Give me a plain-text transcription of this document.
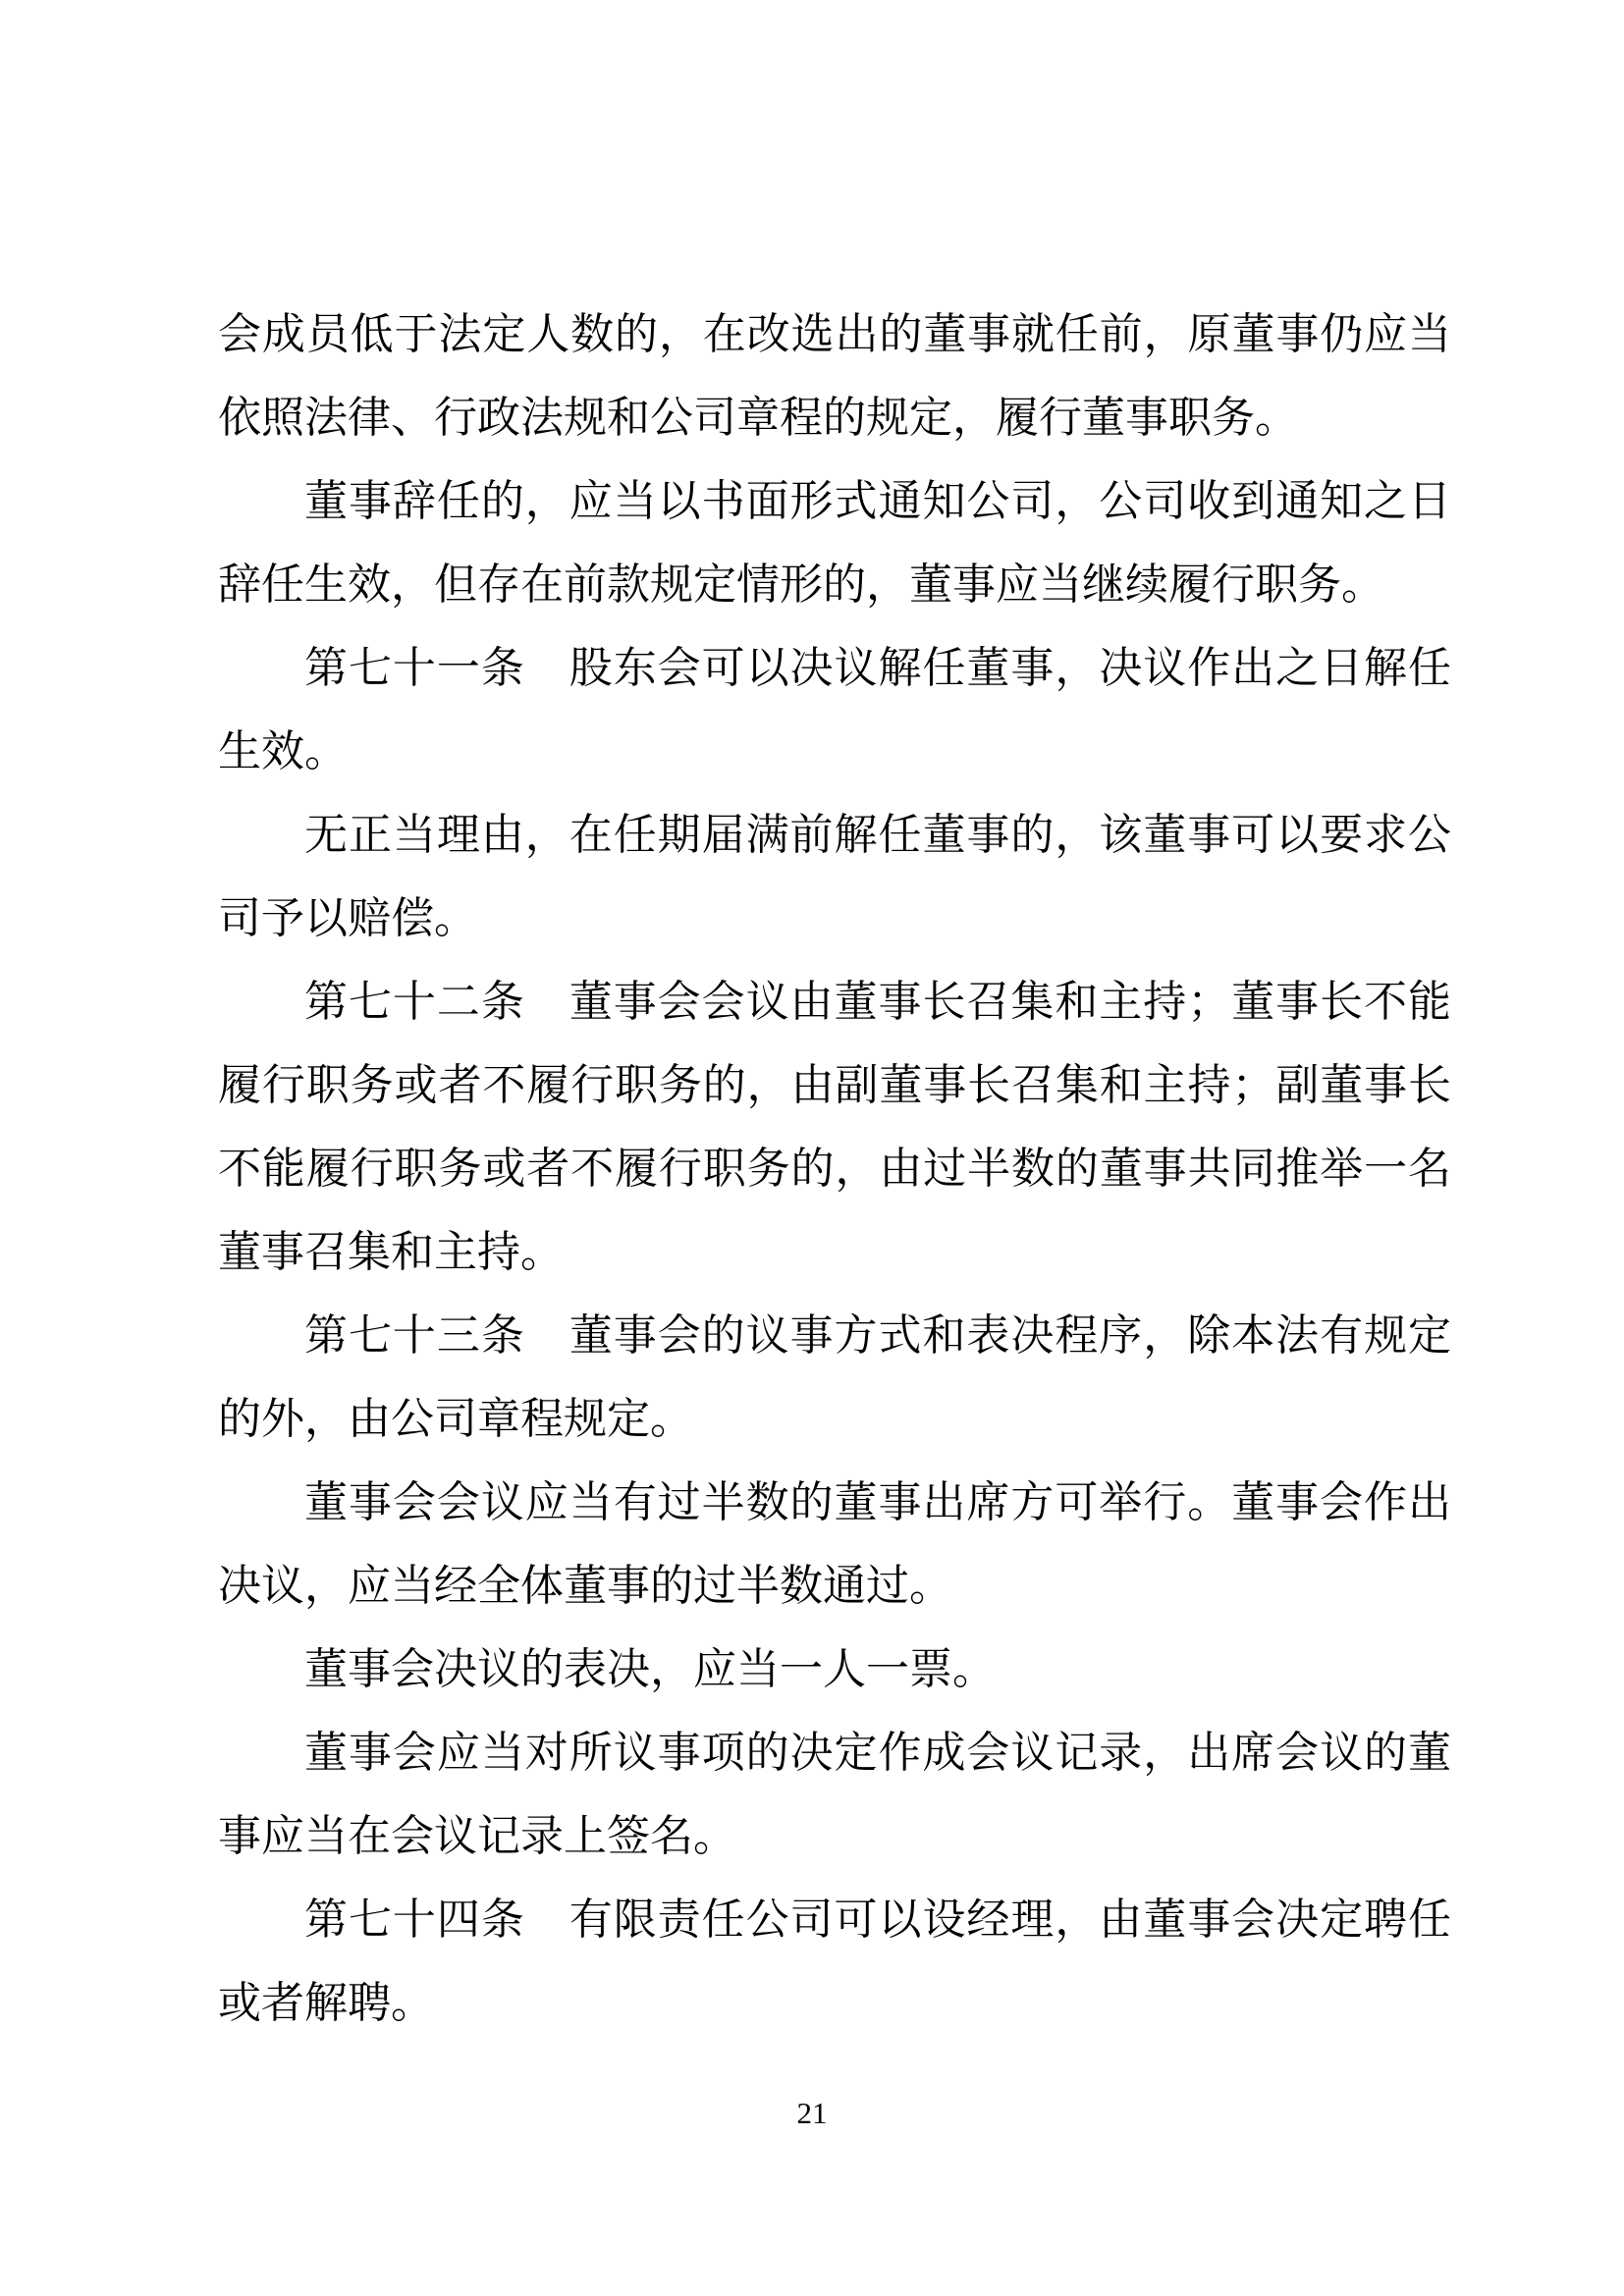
会成员低于法定人数的，在改选出的董事就任前，原董事仍应当依照法律、行政法规和公司章程的规定，履行董事职务。

董事辞任的，应当以书面形式通知公司，公司收到通知之日辞任生效，但存在前款规定情形的，董事应当继续履行职务。

第七十一条　股东会可以决议解任董事，决议作出之日解任生效。

无正当理由，在任期届满前解任董事的，该董事可以要求公司予以赔偿。

第七十二条　董事会会议由董事长召集和主持；董事长不能履行职务或者不履行职务的，由副董事长召集和主持；副董事长不能履行职务或者不履行职务的，由过半数的董事共同推举一名董事召集和主持。

第七十三条　董事会的议事方式和表决程序，除本法有规定的外，由公司章程规定。

董事会会议应当有过半数的董事出席方可举行。董事会作出决议，应当经全体董事的过半数通过。

董事会决议的表决，应当一人一票。

董事会应当对所议事项的决定作成会议记录，出席会议的董事应当在会议记录上签名。

第七十四条　有限责任公司可以设经理，由董事会决定聘任或者解聘。

21
